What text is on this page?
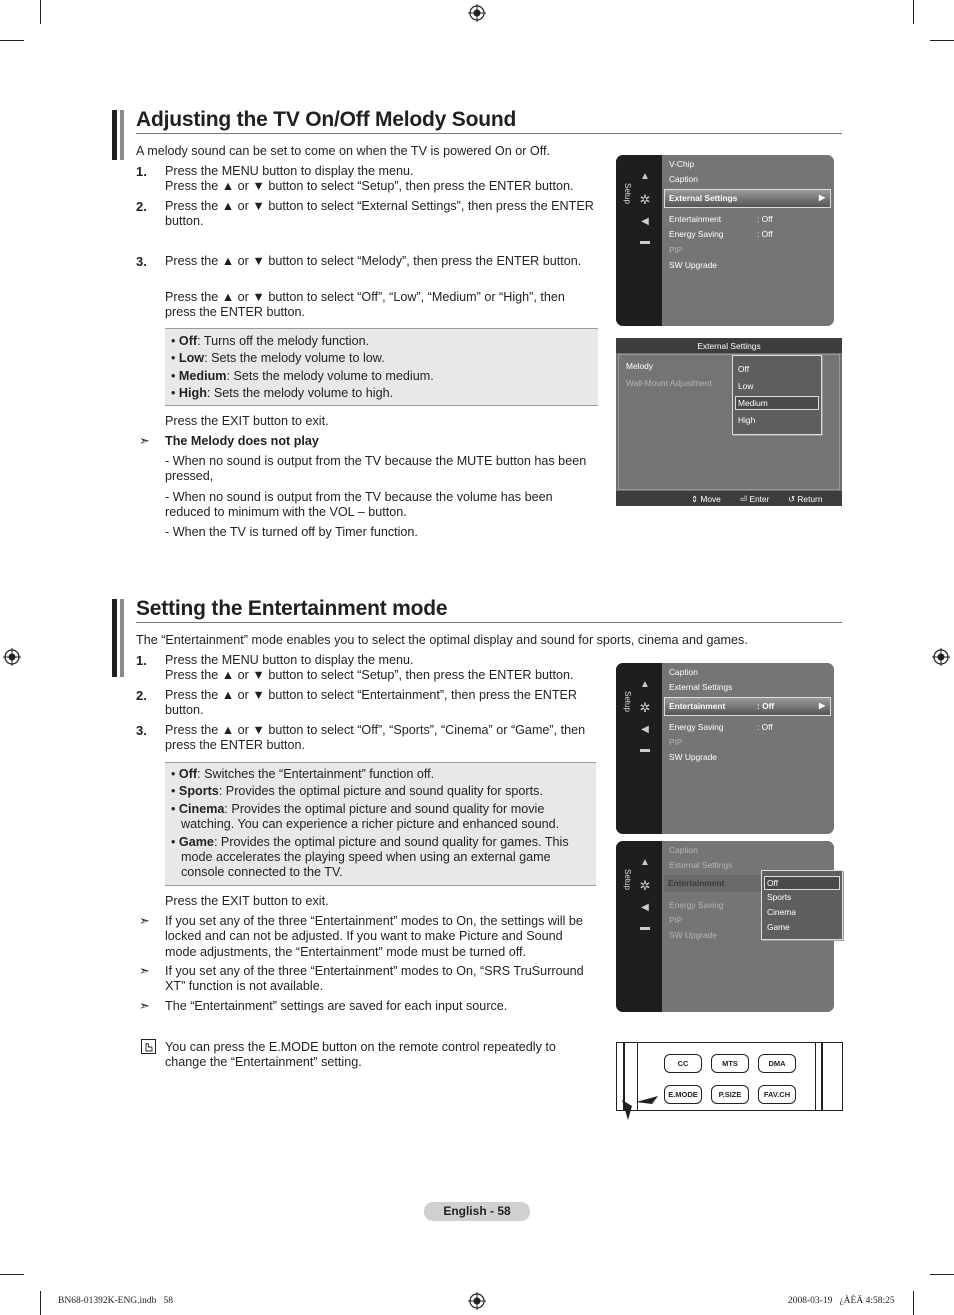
Adjusting the TV On/Off Melody Sound
A melody sound can be set to come on when the TV is powered On or Off.
1. Press the MENU button to display the menu.
Press the ▲ or ▼ button to select “Setup”, then press the ENTER button.
2. Press the ▲ or ▼ button to select “External Settings”, then press the ENTER button.
3. Press the ▲ or ▼ button to select “Melody”, then press the ENTER button.
Press the ▲ or ▼ button to select “Off”, “Low”, “Medium” or “High”, then press the ENTER button.
• Off: Turns off the melody function.
• Low: Sets the melody volume to low.
• Medium: Sets the melody volume to medium.
• High: Sets the melody volume to high.
Press the EXIT button to exit.
➣ The Melody does not play
- When no sound is output from the TV because the MUTE button has been pressed,
- When no sound is output from the TV because the volume has been reduced to minimum with the VOL – button.
- When the TV is turned off by Timer function.
Setup
▲
✲
◀
▬
V-Chip
Caption
External Settings	▶
Entertainment	: Off
Energy Saving	: Off
PIP
SW Upgrade
External Settings
Melody
Wall-Mount Adjustment
Off
Low
Medium
High
⇕ Move ⏎ Enter ↺ Return
Setting the Entertainment mode
The “Entertainment” mode enables you to select the optimal display and sound for sports, cinema and games.
1. Press the MENU button to display the menu.
Press the ▲ or ▼ button to select “Setup”, then press the ENTER button.
2. Press the ▲ or ▼ button to select “Entertainment”, then press the ENTER button.
3. Press the ▲ or ▼ button to select “Off”, “Sports”, “Cinema” or “Game”, then press the ENTER button.
• Off: Switches the “Entertainment” function off.
• Sports: Provides the optimal picture and sound quality for sports.
• Cinema: Provides the optimal picture and sound quality for movie watching. You can experience a richer picture and enhanced sound.
• Game: Provides the optimal picture and sound quality for games. This mode accelerates the playing speed when using an external game console connected to the TV.
Press the EXIT button to exit.
➣ If you set any of the three “Entertainment” modes to On, the settings will be locked and can not be adjusted. If you want to make Picture and Sound mode adjustments, the “Entertainment” mode must be turned off.
➣ If you set any of the three “Entertainment” modes to On, “SRS TruSurround XT” function is not available.
➣ The “Entertainment” settings are saved for each input source.
You can press the E.MODE button on the remote control repeatedly to change the “Entertainment” setting.
Setup
▲
✲
◀
▬
Caption
External Settings
Entertainment	: Off	▶
Energy Saving	: Off
PIP
SW Upgrade
Setup
▲
✲
◀
▬
Caption
External Settings
Entertainment
Energy Saving
PIP
SW Upgrade
Off
Sports
Cinema
Game
CC	MTS	DMA
E.MODE	P.SIZE	FAV.CH
English - 58
BN68-01392K-ENG.indb   58	2008-03-19   ¿ÀÈÄ 4:58:25
